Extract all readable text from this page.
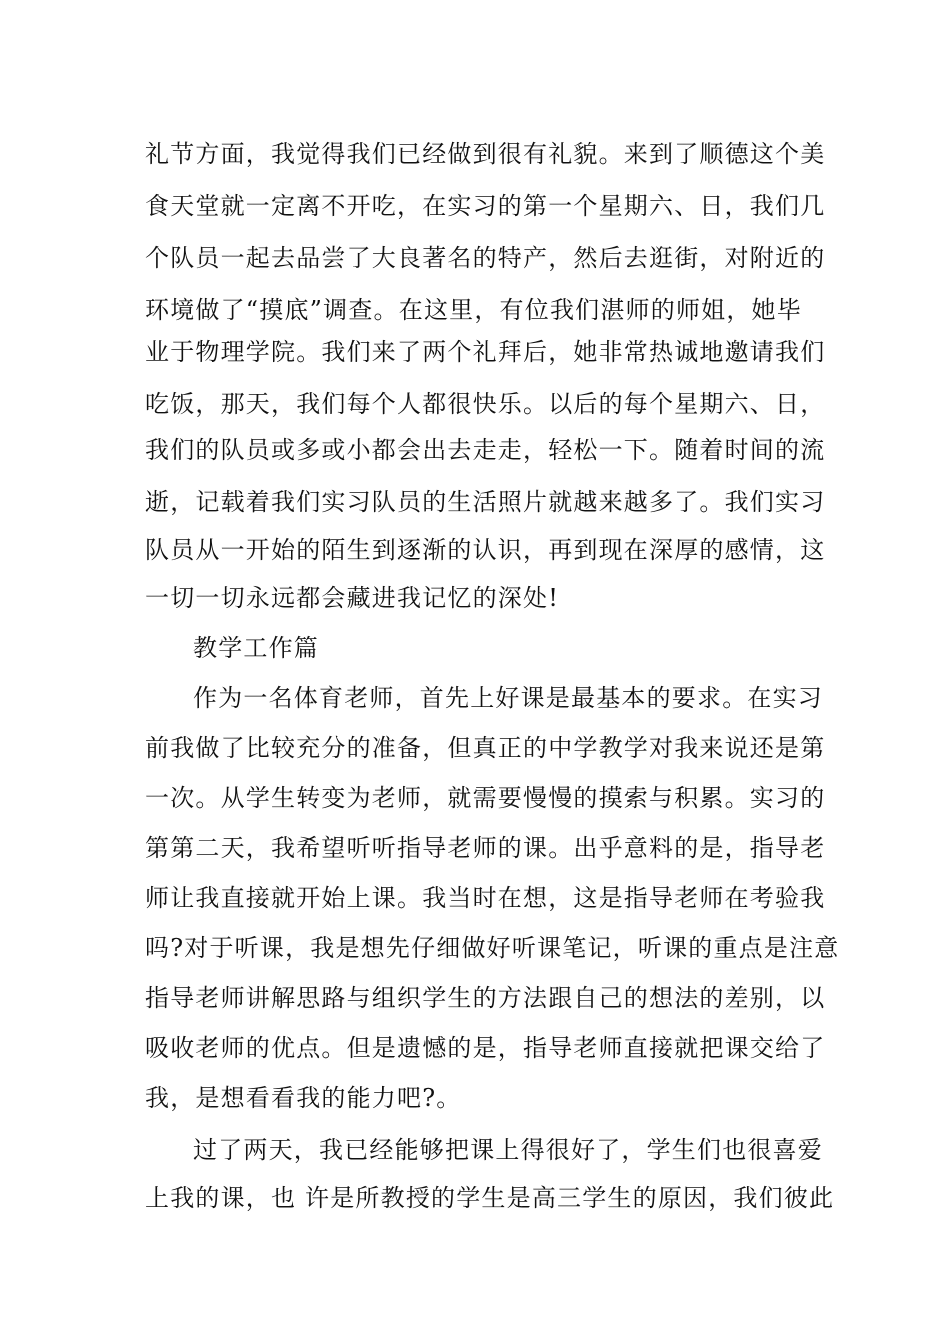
礼节方面，我觉得我们已经做到很有礼貌。来到了顺德这个美
食天堂就一定离不开吃，在实习的第一个星期六、日，我们几
个队员一起去品尝了大良著名的特产，然后去逛街，对附近的
环境做了“摸底”调查。在这里，有位我们湛师的师姐，她毕
业于物理学院。我们来了两个礼拜后，她非常热诚地邀请我们
吃饭，那天，我们每个人都很快乐。以后的每个星期六、日，
我们的队员或多或小都会出去走走，轻松一下。随着时间的流
逝，记载着我们实习队员的生活照片就越来越多了。我们实习
队员从一开始的陌生到逐渐的认识，再到现在深厚的感情，这
一切一切永远都会藏进我记忆的深处!
教学工作篇
作为一名体育老师，首先上好课是最基本的要求。在实习
前我做了比较充分的准备，但真正的中学教学对我来说还是第
一次。从学生转变为老师，就需要慢慢的摸索与积累。实习的
第第二天，我希望听听指导老师的课。出乎意料的是，指导老
师让我直接就开始上课。我当时在想，这是指导老师在考验我
吗?对于听课，我是想先仔细做好听课笔记，听课的重点是注意
指导老师讲解思路与组织学生的方法跟自己的想法的差别，以
吸收老师的优点。但是遗憾的是，指导老师直接就把课交给了
我，是想看看我的能力吧?。
过了两天，我已经能够把课上得很好了，学生们也很喜爱
上我的课，也 许是所教授的学生是高三学生的原因，我们彼此
